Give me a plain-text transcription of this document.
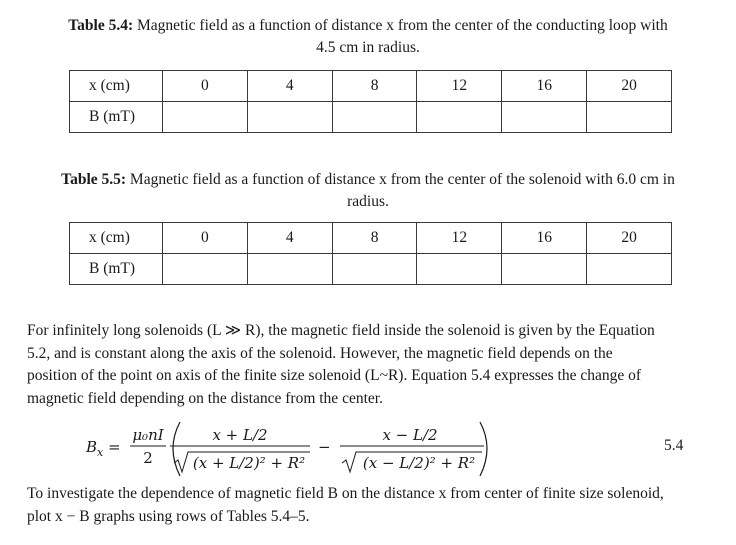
Table 5.4: Magnetic field as a function of distance x from the center of the conducting loop with
4.5 cm in radius.
x (cm)	0	4	8	12	16	20
B (mT)						
Table 5.5: Magnetic field as a function of distance x from the center of the solenoid with 6.0 cm in
radius.
x (cm)	0	4	8	12	16	20
B (mT)						
For infinitely long solenoids (L ≫ R), the magnetic field inside the solenoid is given by the Equation
5.2, and is constant along the axis of the solenoid. However, the magnetic field depends on the
position of the point on axis of the finite size solenoid (L~R). Equation 5.4 expresses the change of
magnetic field depending on the distance from the center.
$B_x$ =
μ₀nI
2
x + L/2
(x + L/2)² + R²
−
x − L/2
(x − L/2)² + R²
5.4
To investigate the dependence of magnetic field B on the distance x from center of finite size solenoid,
plot x − B graphs using rows of Tables 5.4–5.
